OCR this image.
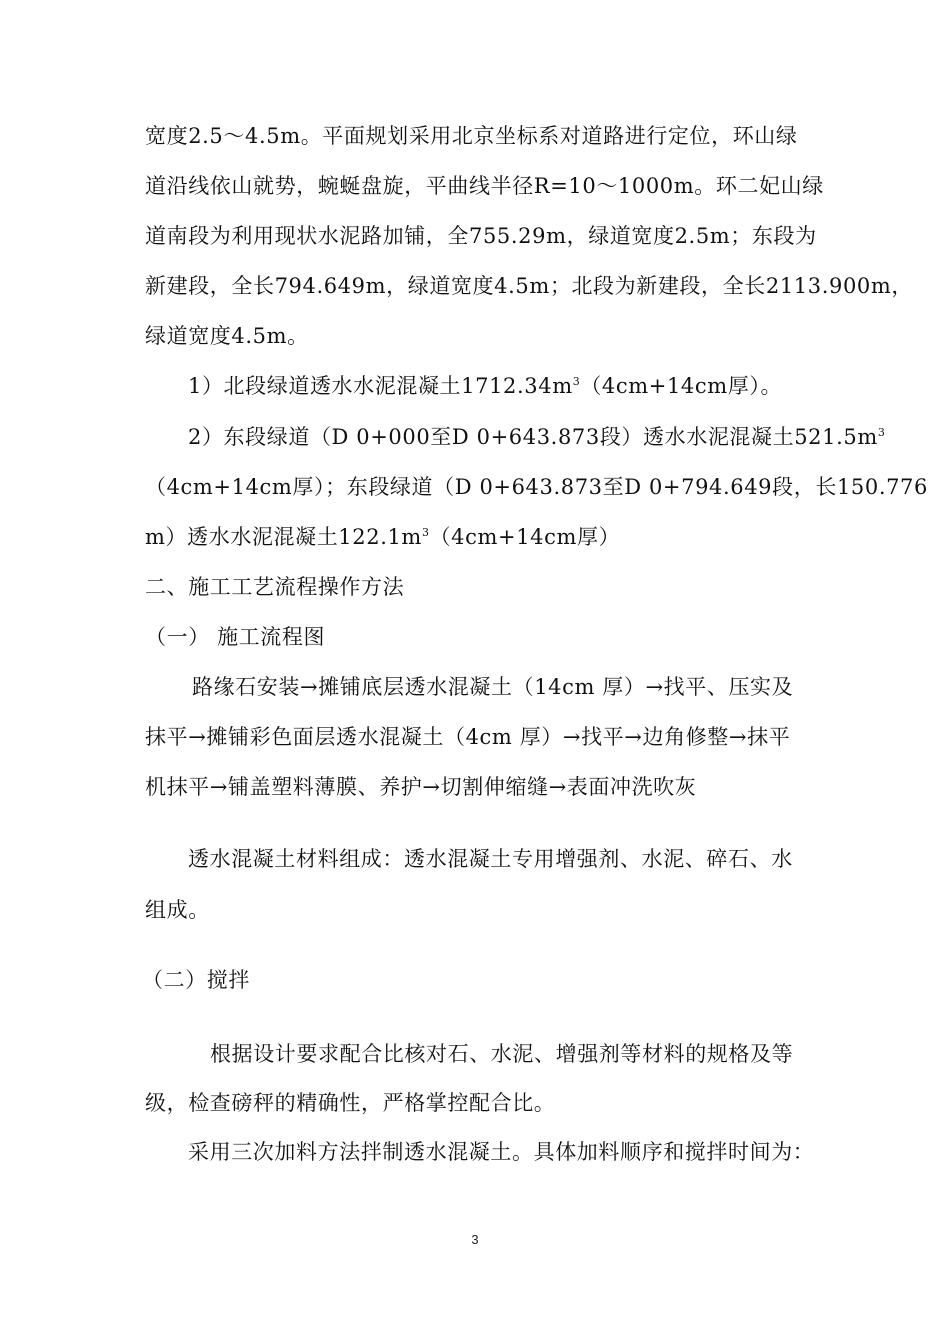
宽度2.5～4.5m。平面规划采用北京坐标系对道路进行定位，环山绿
道沿线依山就势，蜿蜒盘旋，平曲线半径R=10～1000m。环二妃山绿
道南段为利用现状水泥路加铺，全755.29m，绿道宽度2.5m；东段为
新建段，全长794.649m，绿道宽度4.5m；北段为新建段，全长2113.900m，
绿道宽度4.5m。
1）北段绿道透水水泥混凝土$1712.34m^3(4cm+14cm$厚）。
2）东段绿道（D 0+000至D 0+643.873段）透水水泥混凝土$521.5m^3$
（4cm+14cm厚）；东段绿道（D 0+643.873至D 0+794.649段，长150.776
m）透水水泥混凝土$122.1m^3(4cm+14cm$厚）
二、施工工艺流程操作方法
（一） 施工流程图
路缘石安装→摊铺底层透水混凝土（14cm 厚）→找平、压实及
抹平→摊铺彩色面层透水混凝土（4cm 厚）→找平→边角修整→抹平
机抹平→铺盖塑料薄膜、养护→切割伸缩缝→表面冲洗吹灰
透水混凝土材料组成：透水混凝土专用增强剂、水泥、碎石、水
组成。
（二）搅拌
根据设计要求配合比核对石、水泥、增强剂等材料的规格及等
级，检查磅秤的精确性，严格掌控配合比。
采用三次加料方法拌制透水混凝土。具体加料顺序和搅拌时间为：
3
